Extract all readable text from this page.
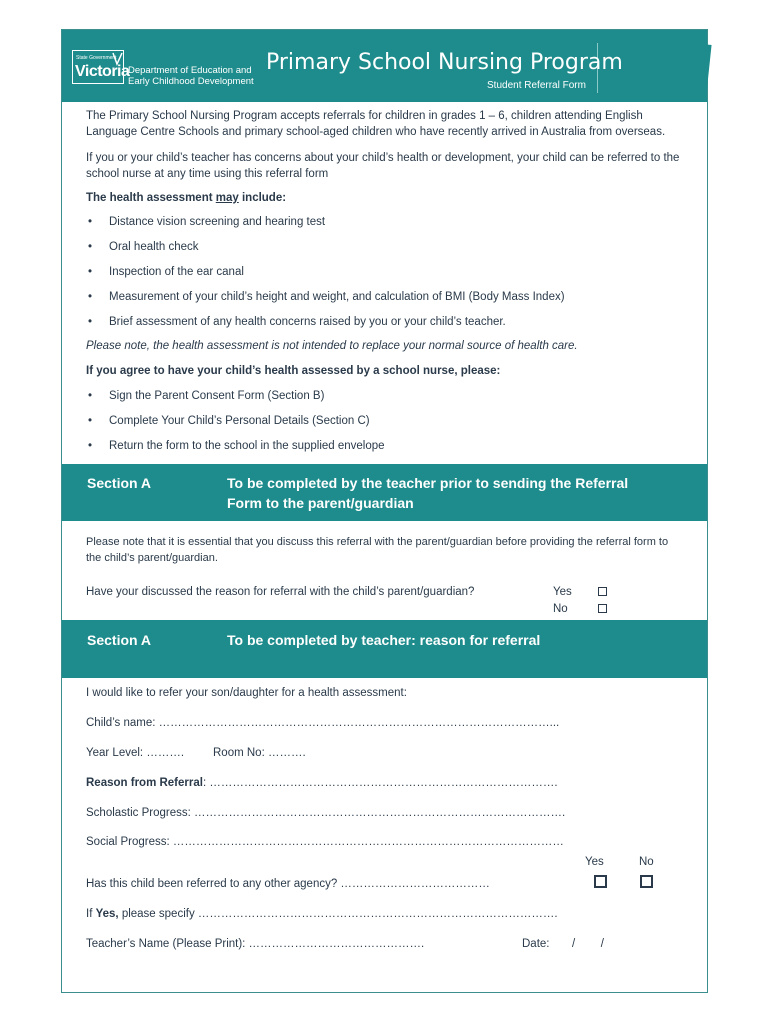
State Government
Victoria
Department of Education and
Early Childhood Development
Primary School Nursing Program
Student Referral Form
The Primary School Nursing Program accepts referrals for children in grades 1 – 6, children attending English Language Centre Schools and primary school-aged children who have recently arrived in Australia from overseas.
If you or your child’s teacher has concerns about your child’s health or development, your child can be referred to the school nurse at any time using this referral form
The health assessment may include:
• Distance vision screening and hearing test
• Oral health check
• Inspection of the ear canal
• Measurement of your child’s height and weight, and calculation of BMI (Body Mass Index)
• Brief assessment of any health concerns raised by you or your child’s teacher.
Please note, the health assessment is not intended to replace your normal source of health care.
If you agree to have your child’s health assessed by a school nurse, please:
• Sign the Parent Consent Form (Section B)
• Complete Your Child’s Personal Details (Section C)
• Return the form to the school in the supplied envelope
Section A	To be completed by the teacher prior to sending the Referral
Form to the parent/guardian
Please note that it is essential that you discuss this referral with the parent/guardian before providing the referral form to the child’s parent/guardian.
Have your discussed the reason for referral with the child’s parent/guardian?	Yes
No
Section A	To be completed by teacher: reason for referral
I would like to refer your son/daughter for a health assessment:
Child’s name: …………………………………………………………………………………………...
Year Level: ……….	Room No: ……….
Reason from Referral: ……………………………………………………………………………….
Scholastic Progress: …………………………………………………………………………………….
Social Progress: …………………………………………………………………………………………
Yes	No
Has this child been referred to any other agency? …………………………………
If Yes, please specify ………………………………………………………………………………….
Teacher’s Name (Please Print): ……………………………………….	Date: /        /
